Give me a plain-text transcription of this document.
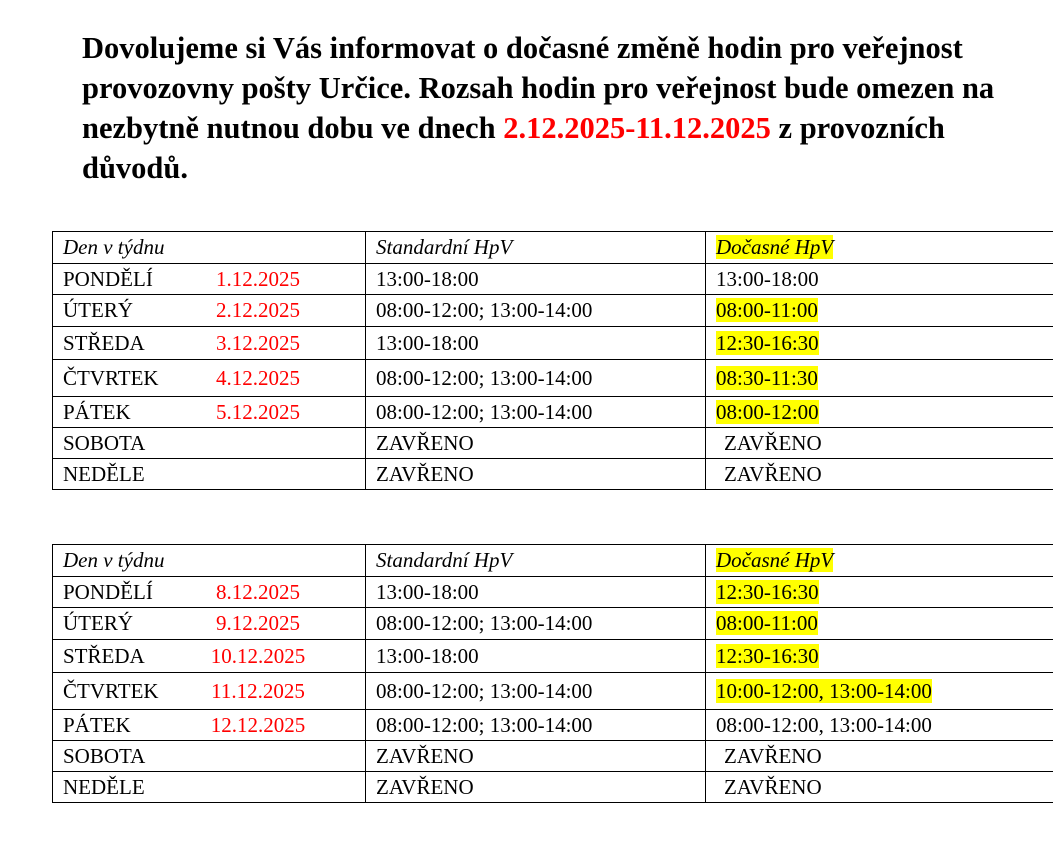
Dovolujeme si Vás informovat o dočasné změně hodin pro veřejnost provozovny pošty Určice. Rozsah hodin pro veřejnost bude omezen na nezbytně nutnou dobu ve dnech 2.12.2025-11.12.2025 z provozních důvodů.

Den v týdnu	Standardní HpV	Dočasné HpV
PONDĚLÍ 1.12.2025	13:00-18:00	13:00-18:00
ÚTERÝ 2.12.2025	08:00-12:00; 13:00-14:00	08:00-11:00
STŘEDA 3.12.2025	13:00-18:00	12:30-16:30
ČTVRTEK 4.12.2025	08:00-12:00; 13:00-14:00	08:30-11:30
PÁTEK 5.12.2025	08:00-12:00; 13:00-14:00	08:00-12:00
SOBOTA	ZAVŘENO	ZAVŘENO
NEDĚLE	ZAVŘENO	ZAVŘENO
Den v týdnu	Standardní HpV	Dočasné HpV
PONDĚLÍ 8.12.2025	13:00-18:00	12:30-16:30
ÚTERÝ 9.12.2025	08:00-12:00; 13:00-14:00	08:00-11:00
STŘEDA 10.12.2025	13:00-18:00	12:30-16:30
ČTVRTEK 11.12.2025	08:00-12:00; 13:00-14:00	10:00-12:00, 13:00-14:00
PÁTEK 12.12.2025	08:00-12:00; 13:00-14:00	08:00-12:00, 13:00-14:00
SOBOTA	ZAVŘENO	ZAVŘENO
NEDĚLE	ZAVŘENO	ZAVŘENO
